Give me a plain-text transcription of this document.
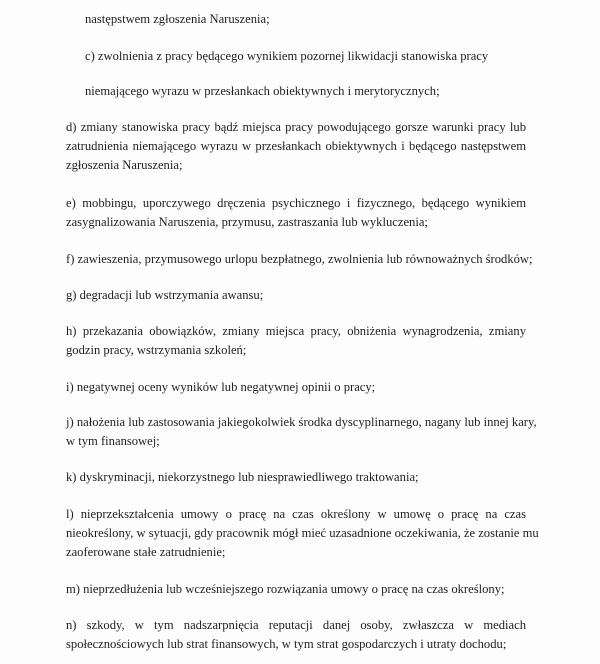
następstwem zgłoszenia Naruszenia;

c) zwolnienia z pracy będącego wynikiem pozornej likwidacji stanowiska pracy

niemającego wyrazu w przesłankach obiektywnych i merytorycznych;

d) zmiany stanowiska pracy bądź miejsca pracy powodującego gorsze warunki pracy lub

zatrudnienia niemającego wyrazu w przesłankach obiektywnych i będącego następstwem

zgłoszenia Naruszenia;

e) mobbingu, uporczywego dręczenia psychicznego i fizycznego, będącego wynikiem

zasygnalizowania Naruszenia, przymusu, zastraszania lub wykluczenia;

f) zawieszenia, przymusowego urlopu bezpłatnego, zwolnienia lub równoważnych środków;

g) degradacji lub wstrzymania awansu;

h) przekazania obowiązków, zmiany miejsca pracy, obniżenia wynagrodzenia, zmiany

godzin pracy, wstrzymania szkoleń;

i) negatywnej oceny wyników lub negatywnej opinii o pracy;

j) nałożenia lub zastosowania jakiegokolwiek środka dyscyplinarnego, nagany lub innej kary,

w tym finansowej;

k) dyskryminacji, niekorzystnego lub niesprawiedliwego traktowania;

l) nieprzekształcenia umowy o pracę na czas określony w umowę o pracę na czas

nieokreślony, w sytuacji, gdy pracownik mógł mieć uzasadnione oczekiwania, że zostanie mu

zaoferowane stałe zatrudnienie;

m) nieprzedłużenia lub wcześniejszego rozwiązania umowy o pracę na czas określony;

n) szkody, w tym nadszarpnięcia reputacji danej osoby, zwłaszcza w mediach

społecznościowych lub strat finansowych, w tym strat gospodarczych i utraty dochodu;
